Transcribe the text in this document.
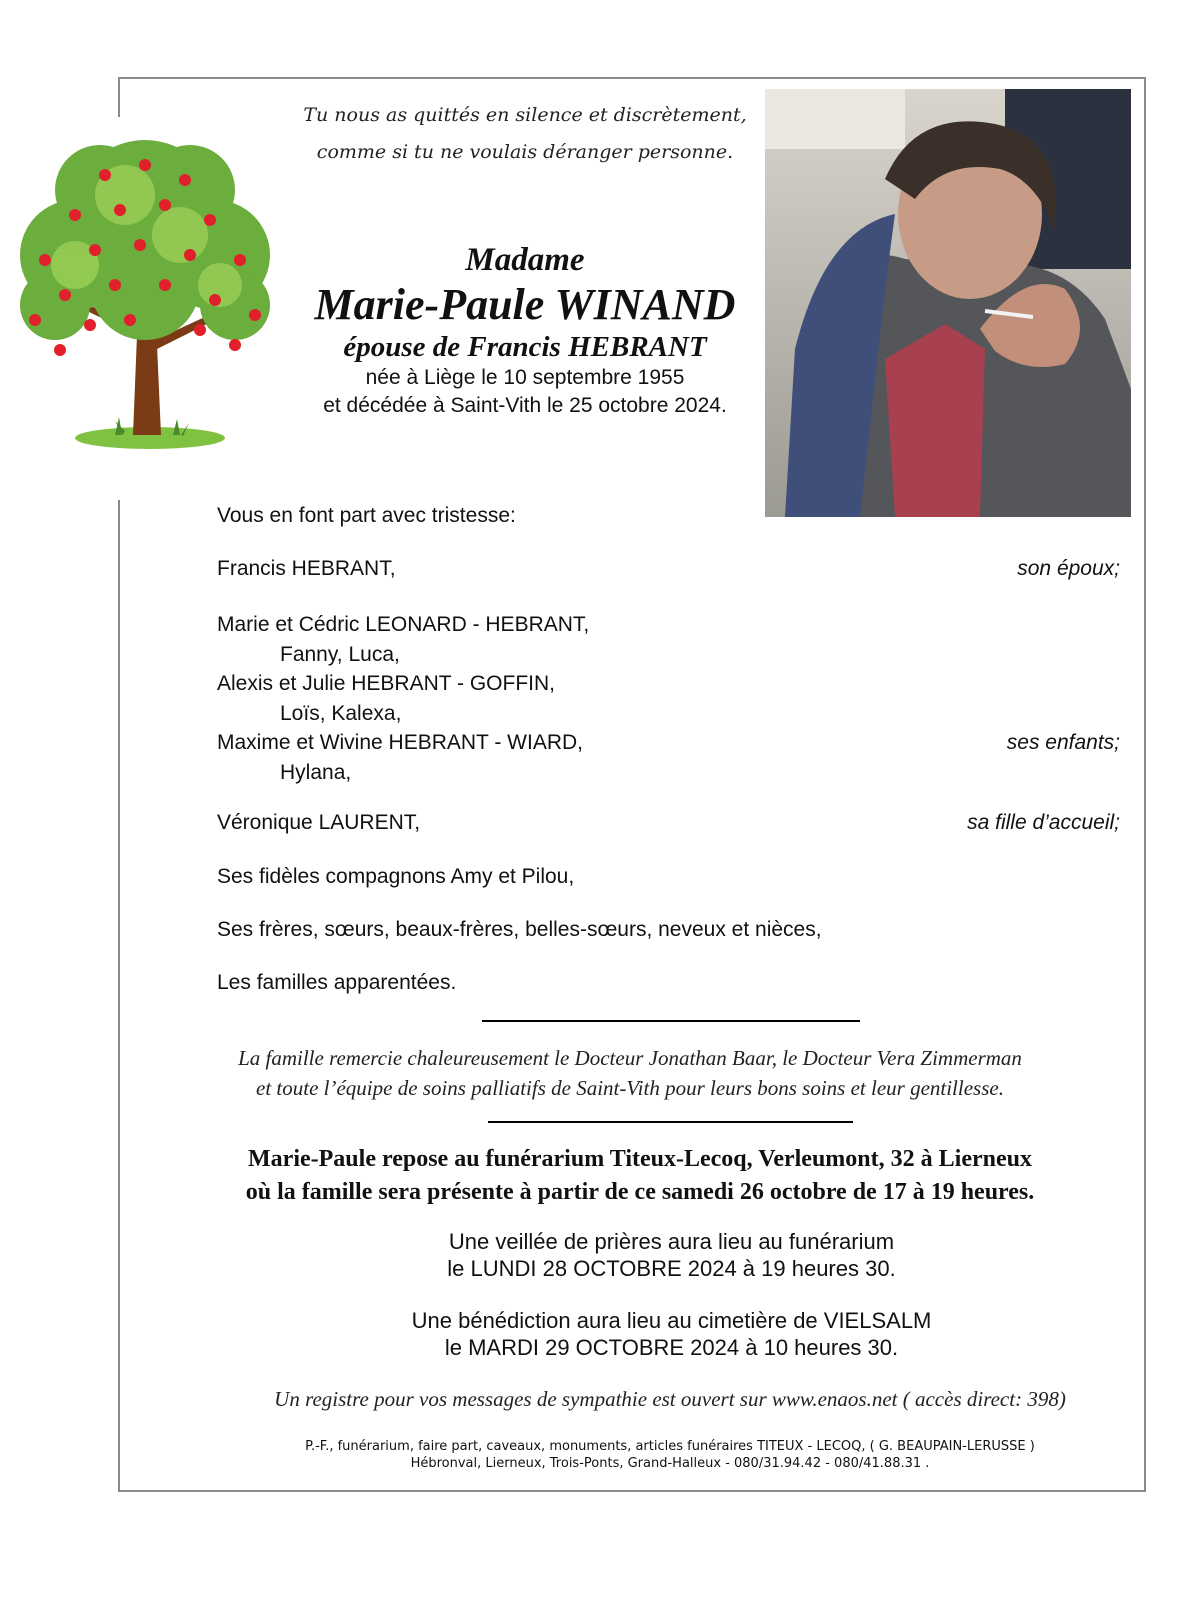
Tu nous as quittés en silence et discrètement,
comme si tu ne voulais déranger personne.
Madame
Marie-Paule WINAND
épouse de Francis HEBRANT
née à Liège le 10 septembre 1955
et décédée à Saint-Vith le 25 octobre 2024.
Vous en font part avec tristesse:
Francis HEBRANT,	son époux;
Marie et Cédric LEONARD - HEBRANT,
Fanny, Luca,
Alexis et Julie HEBRANT - GOFFIN,
Loïs, Kalexa,
Maxime et Wivine HEBRANT - WIARD,
Hylana,
ses enfants;
Véronique LAURENT,	sa fille d’accueil;
Ses fidèles compagnons Amy et Pilou,
Ses frères, sœurs, beaux-frères, belles-sœurs, neveux et nièces,
Les familles apparentées.
La famille remercie chaleureusement le Docteur Jonathan Baar, le Docteur Vera Zimmerman
et toute l’équipe de soins palliatifs de Saint-Vith pour leurs bons soins et leur gentillesse.
Marie-Paule repose au funérarium Titeux-Lecoq, Verleumont, 32 à Lierneux
où la famille sera présente à partir de ce samedi 26 octobre de 17 à 19 heures.
Une veillée de prières aura lieu au funérarium
le LUNDI 28 OCTOBRE 2024 à 19 heures 30.
Une bénédiction aura lieu au cimetière de VIELSALM
le MARDI 29 OCTOBRE 2024 à 10 heures 30.
Un registre pour vos messages de sympathie est ouvert sur www.enaos.net ( accès direct: 398)
P.-F., funérarium, faire part, caveaux, monuments, articles funéraires TITEUX - LECOQ, ( G. BEAUPAIN-LERUSSE )
Hébronval, Lierneux, Trois-Ponts, Grand-Halleux - 080/31.94.42 - 080/41.88.31 .
